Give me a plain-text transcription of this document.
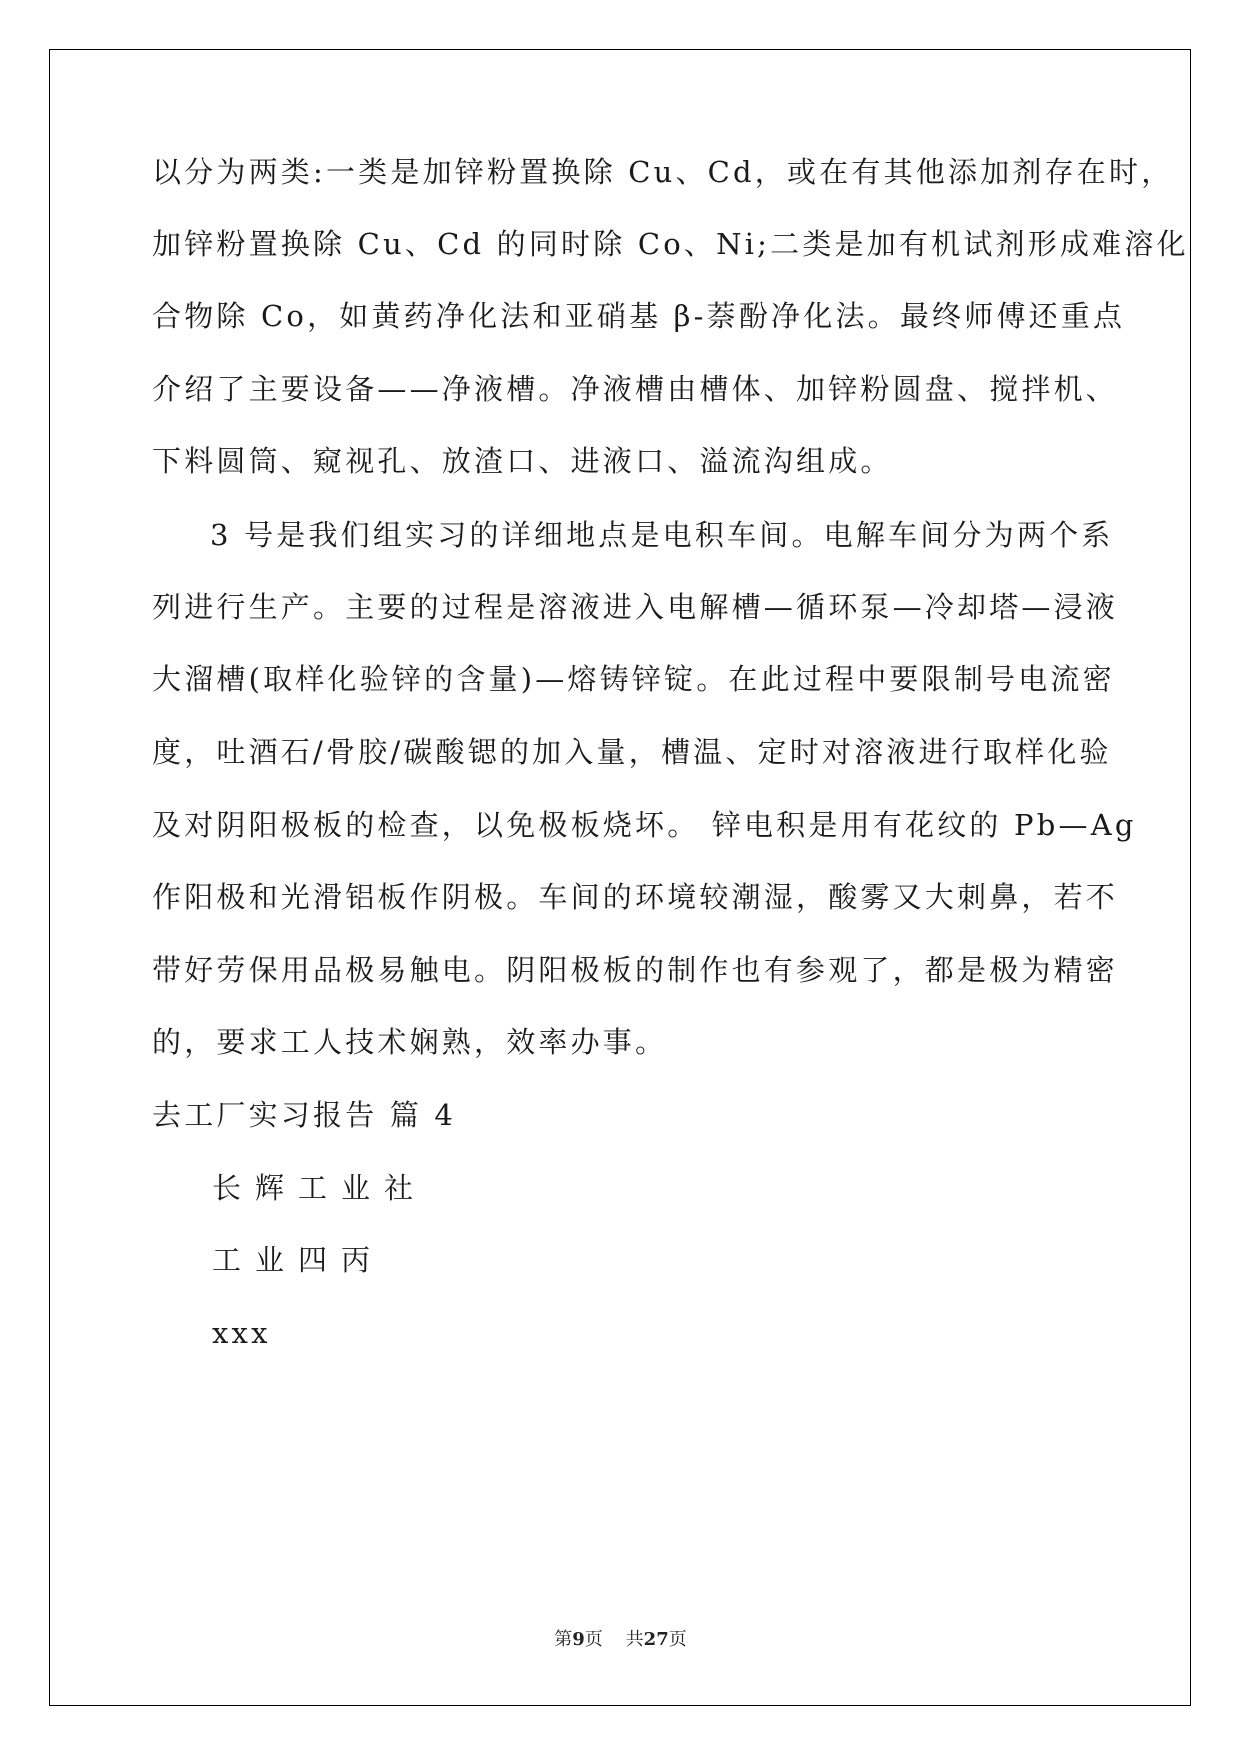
以分为两类:一类是加锌粉置换除 Cu、Cd，或在有其他添加剂存在时，
加锌粉置换除 Cu、Cd 的同时除 Co、Ni;二类是加有机试剂形成难溶化
合物除 Co，如黄药净化法和亚硝基 β-萘酚净化法。最终师傅还重点
介绍了主要设备——净液槽。净液槽由槽体、加锌粉圆盘、搅拌机、
下料圆筒、窥视孔、放渣口、进液口、溢流沟组成。
3 号是我们组实习的详细地点是电积车间。电解车间分为两个系
列进行生产。主要的过程是溶液进入电解槽—循环泵—冷却塔—浸液
大溜槽(取样化验锌的含量)—熔铸锌锭。在此过程中要限制号电流密
度，吐酒石/骨胶/碳酸锶的加入量，槽温、定时对溶液进行取样化验
及对阴阳极板的检查，以免极板烧坏。 锌电积是用有花纹的 Pb—Ag
作阳极和光滑铝板作阴极。车间的环境较潮湿，酸雾又大刺鼻，若不
带好劳保用品极易触电。阴阳极板的制作也有参观了，都是极为精密
的，要求工人技术娴熟，效率办事。
去工厂实习报告 篇 4
长辉工业社
工业四丙
xxx
第9页 共27页
